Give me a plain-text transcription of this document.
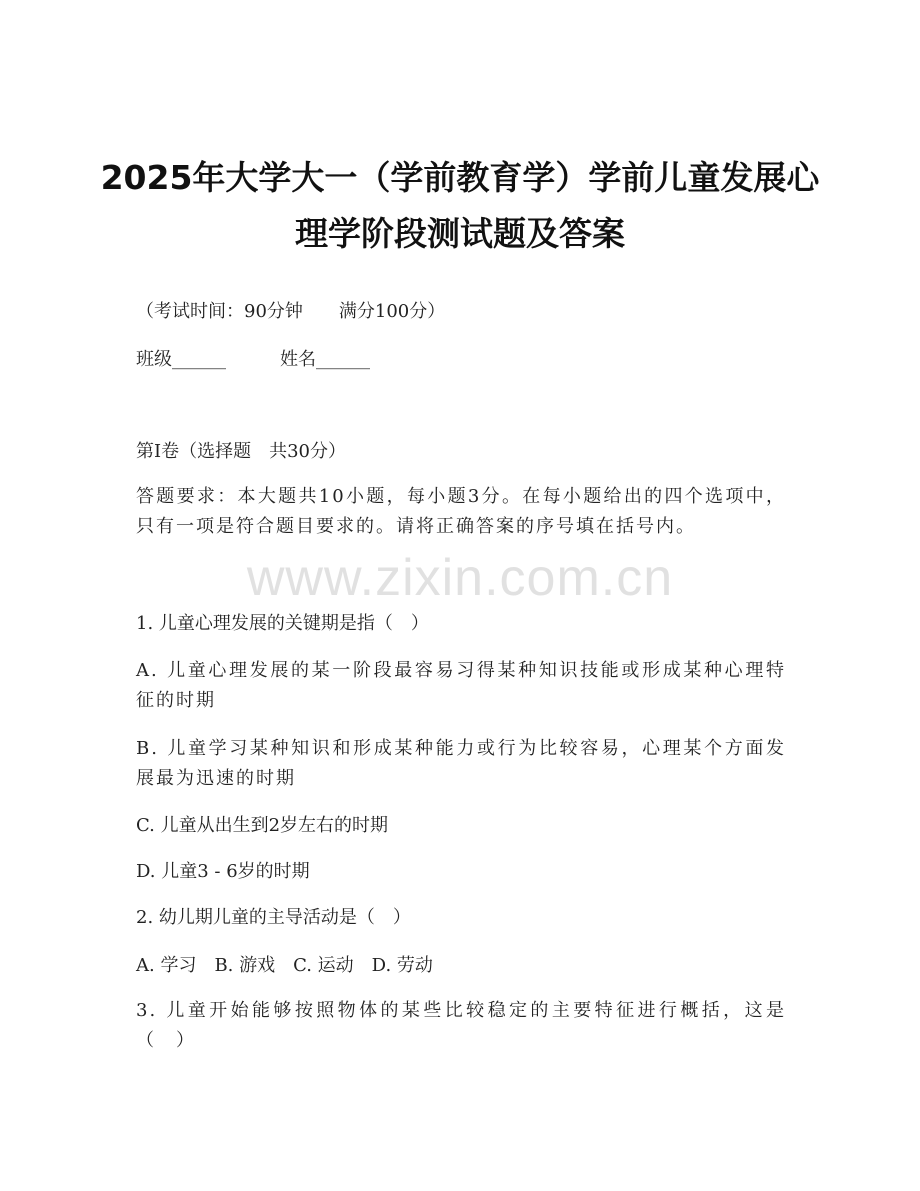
2025年大学大一（学前教育学）学前儿童发展心理学阶段测试题及答案
（考试时间：90分钟　　满分100分）
班级______	姓名______
第Ⅰ卷（选择题　共30分）
答题要求：本大题共10小题，每小题3分。在每小题给出的四个选项中，只有一项是符合题目要求的。请将正确答案的序号填在括号内。
www.zixin.com.cn
1. 儿童心理发展的关键期是指（　）
A. 儿童心理发展的某一阶段最容易习得某种知识技能或形成某种心理特征的时期
B. 儿童学习某种知识和形成某种能力或行为比较容易，心理某个方面发展最为迅速的时期
C. 儿童从出生到2岁左右的时期
D. 儿童3 - 6岁的时期
2. 幼儿期儿童的主导活动是（　）
A. 学习　B. 游戏　C. 运动　D. 劳动
3. 儿童开始能够按照物体的某些比较稳定的主要特征进行概括，这是（　）
